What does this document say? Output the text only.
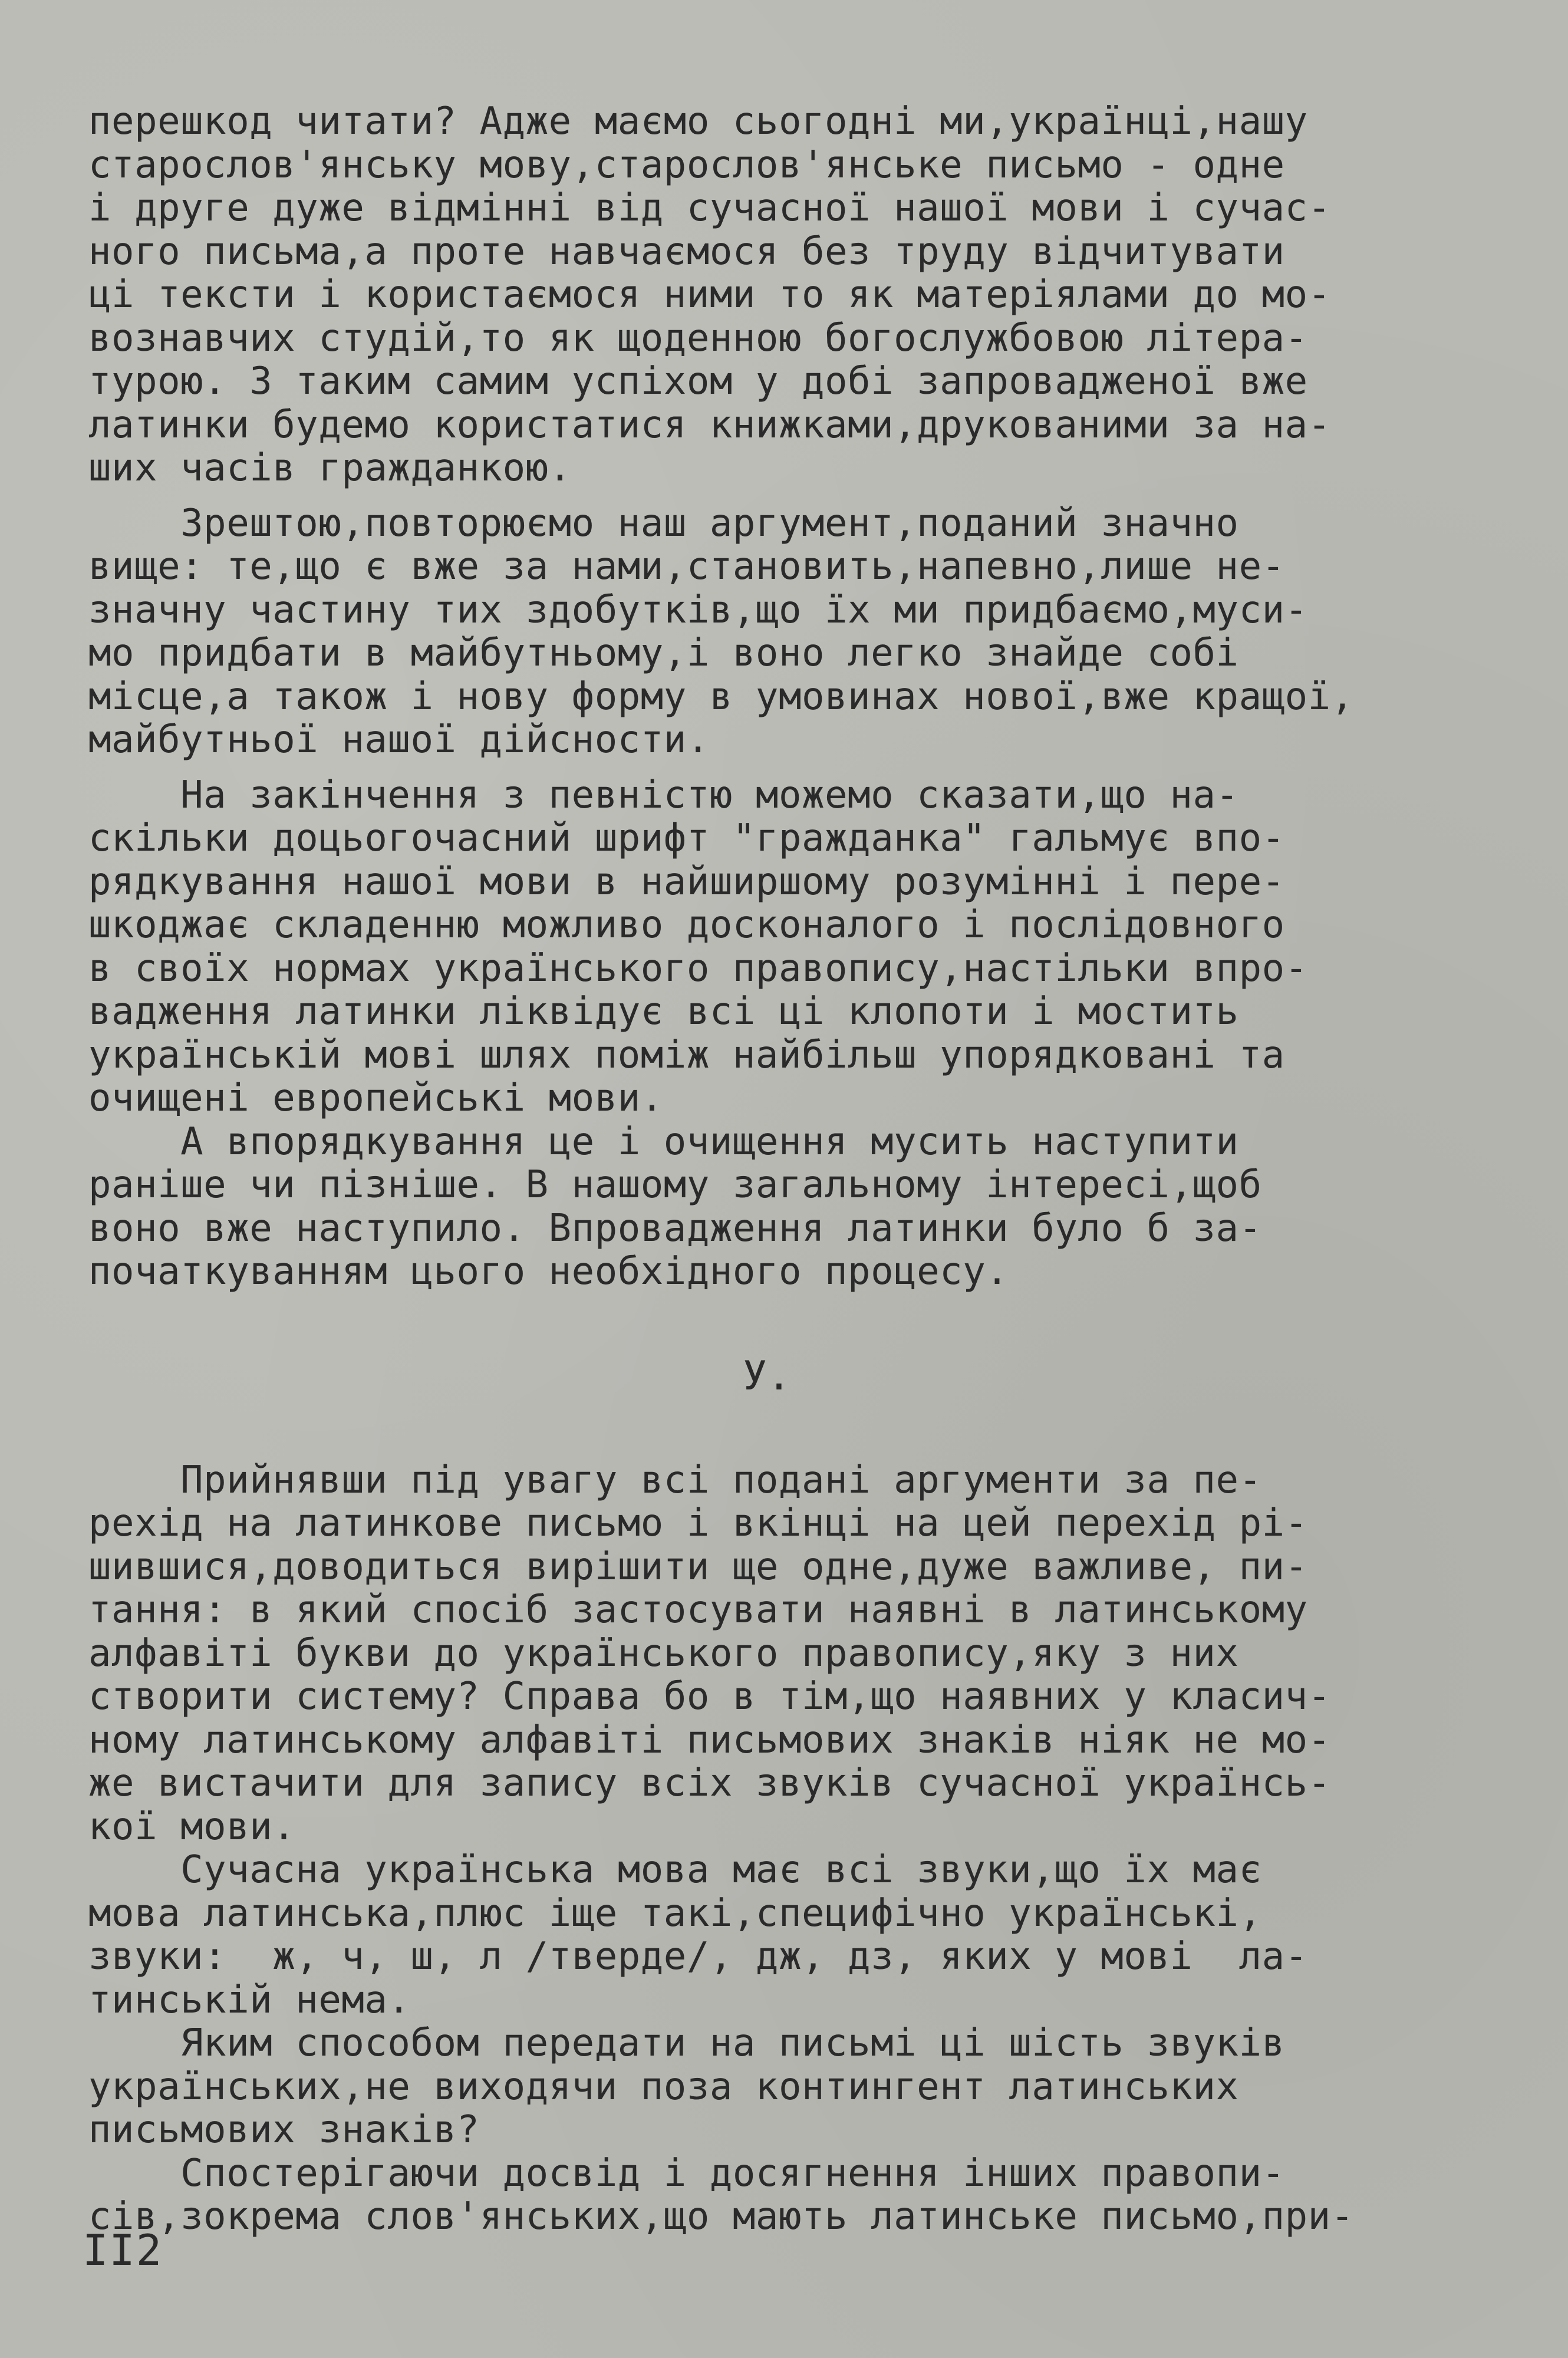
перешкод читати? Адже маємо сьогодні ми,українці,нашу
старослов'янську мову,старослов'янське письмо - одне
і друге дуже відмінні від сучасної нашої мови і сучас-
ного письма,а проте навчаємося без труду відчитувати
ці тексти і користаємося ними то як матеріялами до мо-
вознавчих студій,то як щоденною богослужбовою літера-
турою. З таким самим успіхом у добі запровадженої вже
латинки будемо користатися книжками,друкованими за на-
ших часів гражданкою.
Зрештою,повторюємо наш аргумент,поданий значно
вище: те,що є вже за нами,становить,напевно,лише не-
значну частину тих здобутків,що їх ми придбаємо,муси-
мо придбати в майбутньому,і воно легко знайде собі
місце,а також і нову форму в умовинах нової,вже кращої,
майбутньої нашої дійсности.
На закінчення з певністю можемо сказати,що на-
скільки доцьогочасний шрифт "гражданка" гальмує впо-
рядкування нашої мови в найширшому розумінні і пере-
шкоджає складенню можливо досконалого і послідовного
в своїх нормах українського правопису,настільки впро-
вадження латинки ліквідує всі ці клопоти і мостить
українській мові шлях поміж найбільш упорядковані та
очищені европейські мови.
А впорядкування це і очищення мусить наступити
раніше чи пізніше. В нашому загальному інтересі,щоб
воно вже наступило. Впровадження латинки було б за-
початкуванням цього необхідного процесу.
У.
Прийнявши під увагу всі подані аргументи за пе-
рехід на латинкове письмо і вкінці на цей перехід рі-
шившися,доводиться вирішити ще одне,дуже важливе, пи-
тання: в який спосіб застосувати наявні в латинському
алфавіті букви до українського правопису,яку з них
створити систему? Справа бо в тім,що наявних у класич-
ному латинському алфавіті письмових знаків ніяк не мо-
же вистачити для запису всіх звуків сучасної українсь-
кої мови.
Сучасна українська мова має всі звуки,що їх має
мова латинська,плюс іще такі,специфічно українські,
звуки:  ж, ч, ш, л /тверде/, дж, дз, яких у мові  ла-
тинській нема.
Яким способом передати на письмі ці шість звуків
українських,не виходячи поза контингент латинських
письмових знаків?
Спостерігаючи досвід і досягнення інших правопи-
сів,зокрема слов'янських,що мають латинське письмо,при-
II2
